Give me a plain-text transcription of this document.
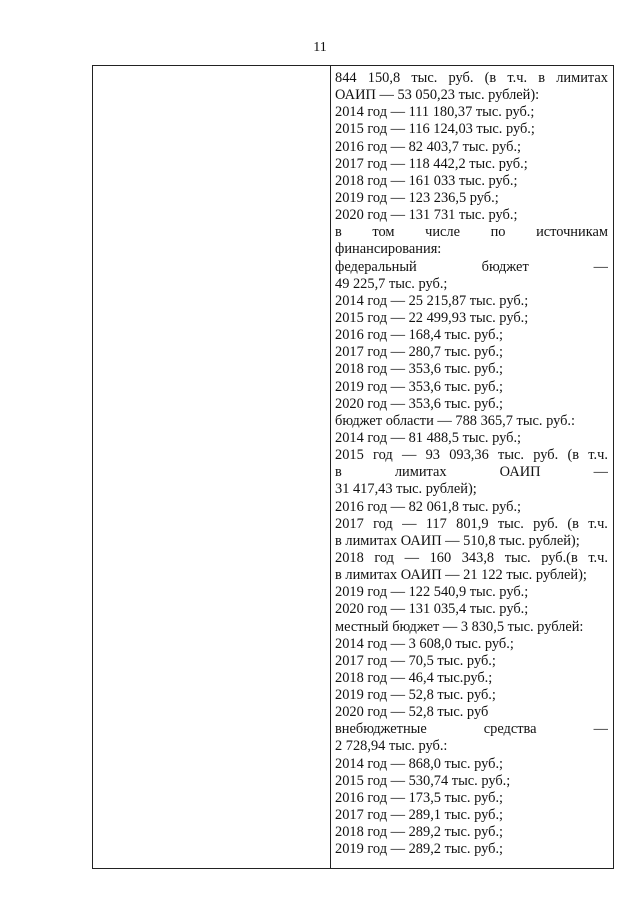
11
844 150,8 тыс. руб. (в т.ч. в лимитах
ОАИП — 53 050,23 тыс. рублей):
2014 год — 111 180,37 тыс. руб.;
2015 год — 116 124,03 тыс. руб.;
2016 год — 82 403,7 тыс. руб.;
2017 год — 118 442,2 тыс. руб.;
2018 год — 161 033 тыс. руб.;
2019 год — 123 236,5 руб.;
2020 год — 131 731 тыс. руб.;
в том числе по источникам
финансирования:
федеральный	бюджет	—
49 225,7 тыс. руб.;
2014 год — 25 215,87 тыс. руб.;
2015 год — 22 499,93 тыс. руб.;
2016 год — 168,4 тыс. руб.;
2017 год — 280,7 тыс. руб.;
2018 год — 353,6 тыс. руб.;
2019 год — 353,6 тыс. руб.;
2020 год — 353,6 тыс. руб.;
бюджет области — 788 365,7 тыс. руб.:
2014 год — 81 488,5 тыс. руб.;
2015 год — 93 093,36 тыс. руб. (в т.ч.
в	лимитах	ОАИП	—
31 417,43 тыс. рублей);
2016 год — 82 061,8 тыс. руб.;
2017 год — 117 801,9 тыс. руб. (в т.ч.
в лимитах ОАИП — 510,8 тыс. рублей);
2018 год — 160 343,8 тыс. руб.(в т.ч.
в лимитах ОАИП — 21 122 тыс. рублей);
2019 год — 122 540,9 тыс. руб.;
2020 год — 131 035,4 тыс. руб.;
местный бюджет — 3 830,5 тыс. рублей:
2014 год — 3 608,0 тыс. руб.;
2017 год — 70,5 тыс. руб.;
2018 год — 46,4 тыс.руб.;
2019 год — 52,8 тыс. руб.;
2020 год — 52,8 тыс. руб
внебюджетные	средства	—
2 728,94 тыс. руб.:
2014 год — 868,0 тыс. руб.;
2015 год — 530,74 тыс. руб.;
2016 год — 173,5 тыс. руб.;
2017 год — 289,1 тыс. руб.;
2018 год — 289,2 тыс. руб.;
2019 год — 289,2 тыс. руб.;
